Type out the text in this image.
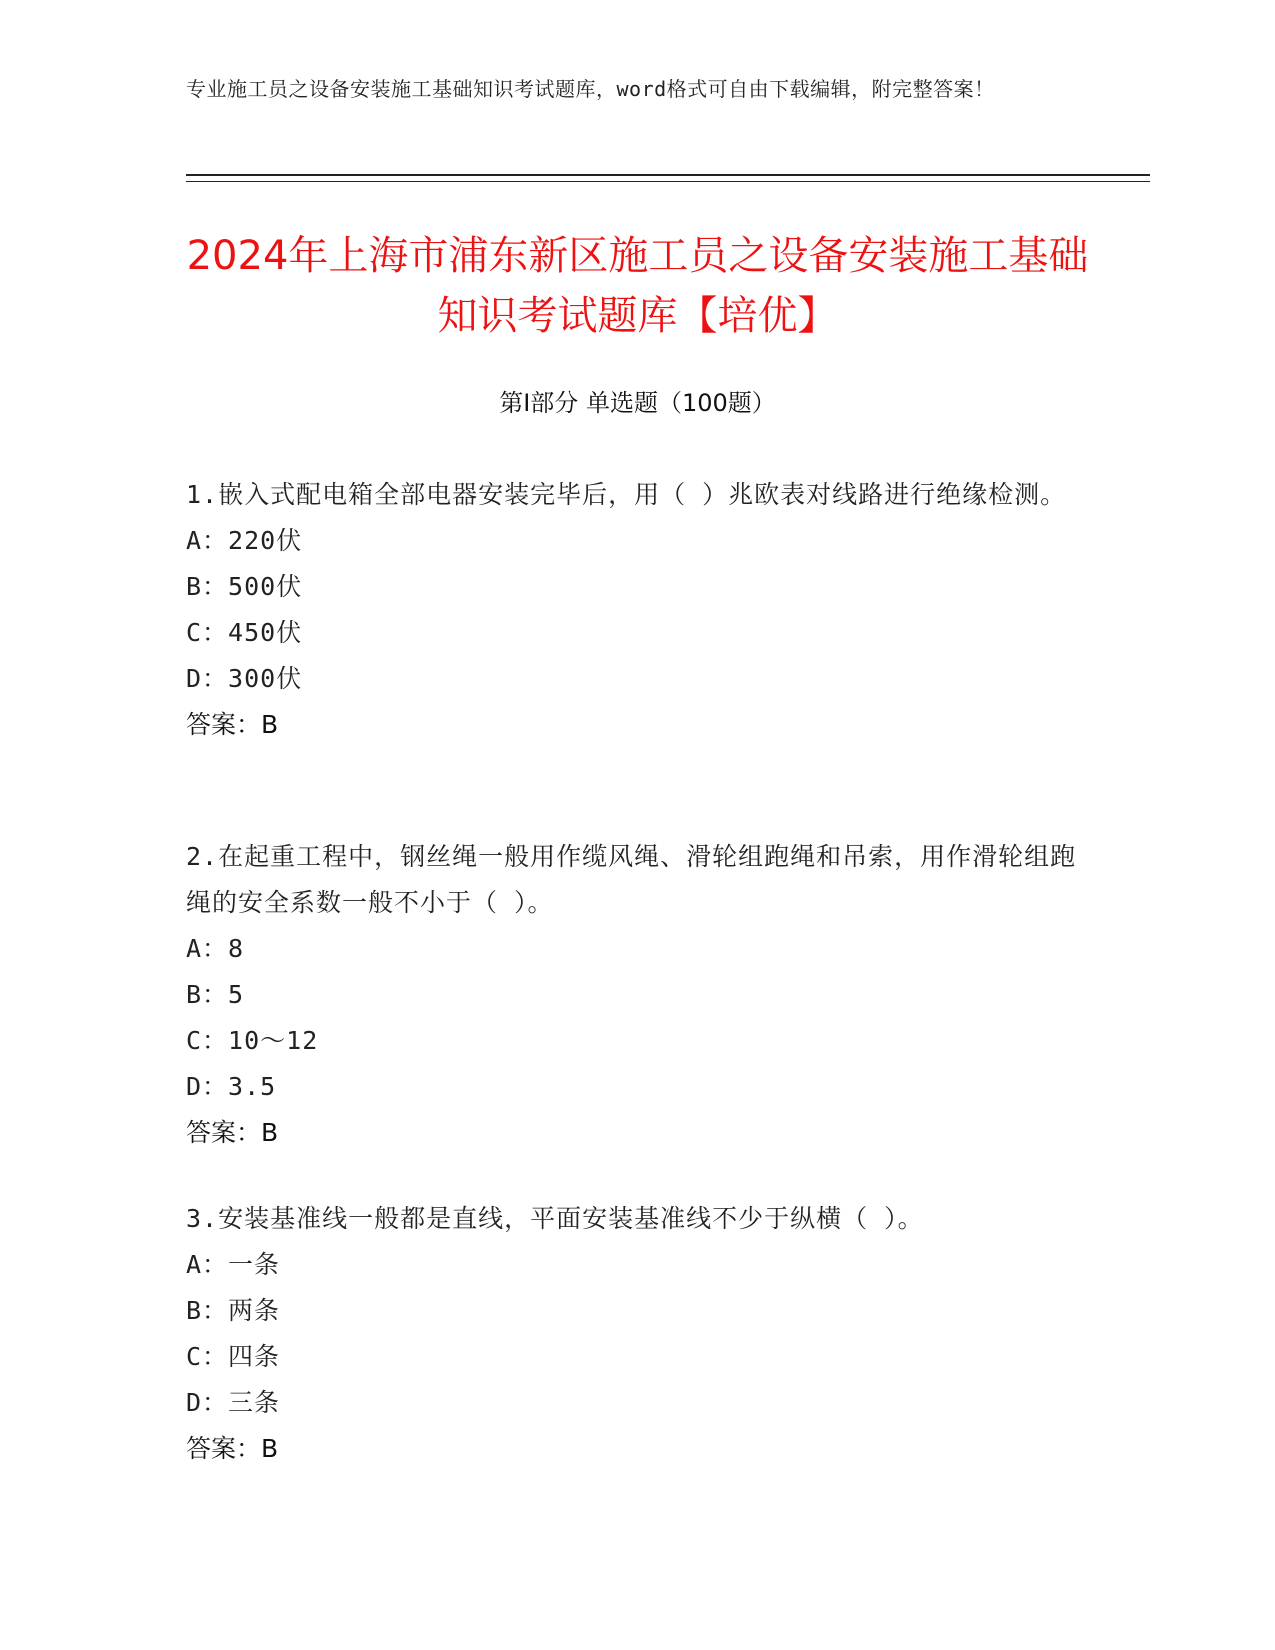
专业施工员之设备安装施工基础知识考试题库，word格式可自由下载编辑，附完整答案！
2024年上海市浦东新区施工员之设备安装施工基础知识考试题库【培优】
第I部分 单选题（100题）
1.嵌入式配电箱全部电器安装完毕后，用（ ）兆欧表对线路进行绝缘检测。
A：220伏
B：500伏
C：450伏
D：300伏
答案：B
2.在起重工程中，钢丝绳一般用作缆风绳、滑轮组跑绳和吊索，用作滑轮组跑绳的安全系数一般不小于（ ）。
A：8
B：5
C：10～12
D：3.5
答案：B
3.安装基准线一般都是直线，平面安装基准线不少于纵横（ ）。
A：一条
B：两条
C：四条
D：三条
答案：B
